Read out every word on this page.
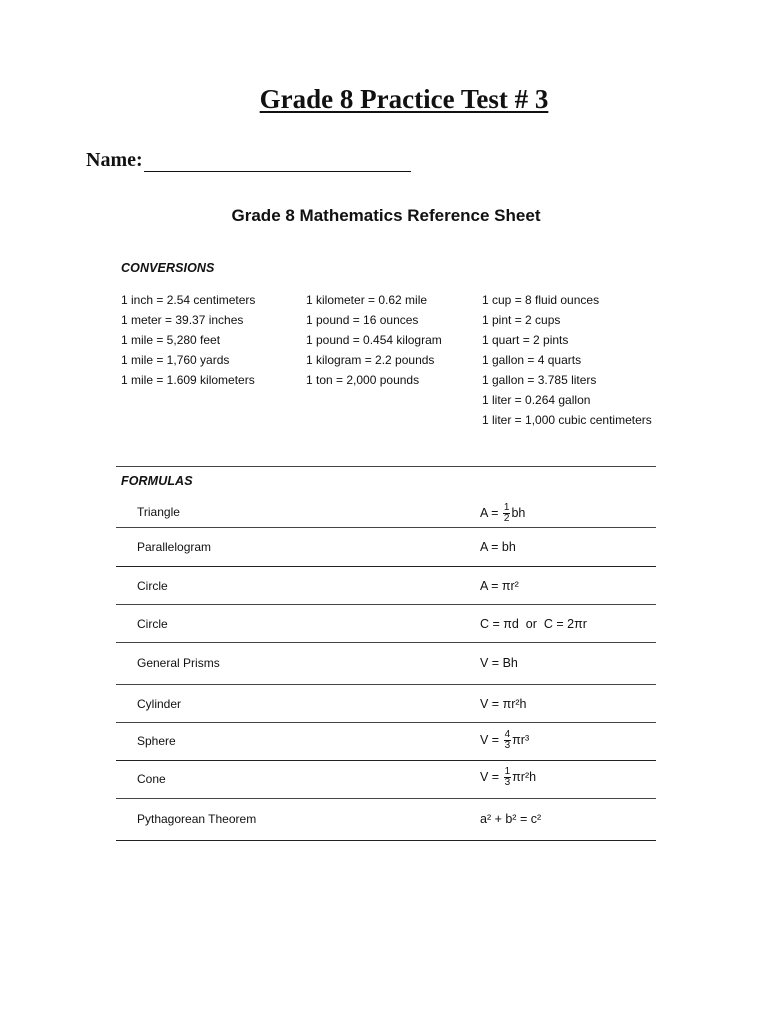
Grade 8 Practice Test # 3
Name:
Grade 8 Mathematics Reference Sheet
CONVERSIONS
1 inch = 2.54 centimeters
1 meter = 39.37 inches
1 mile = 5,280 feet
1 mile = 1,760 yards
1 mile = 1.609 kilometers
1 kilometer = 0.62 mile
1 pound = 16 ounces
1 pound = 0.454 kilogram
1 kilogram = 2.2 pounds
1 ton = 2,000 pounds
1 cup = 8 fluid ounces
1 pint = 2 cups
1 quart = 2 pints
1 gallon = 4 quarts
1 gallon = 3.785 liters
1 liter = 0.264 gallon
1 liter = 1,000 cubic centimeters
FORMULAS
Triangle	$A = \frac{1}{2}$ bh
Parallelogram	A = bh
Circle	A = πr²
Circle	C = πd  or  C = 2πr
General Prisms	V = Bh
Cylinder	V = πr²h
Sphere	$V = \frac{4}{3} \pi r^3$
Cone	$V = \frac{1}{3} \pi r^2h$
Pythagorean Theorem	a² + b² = c²
